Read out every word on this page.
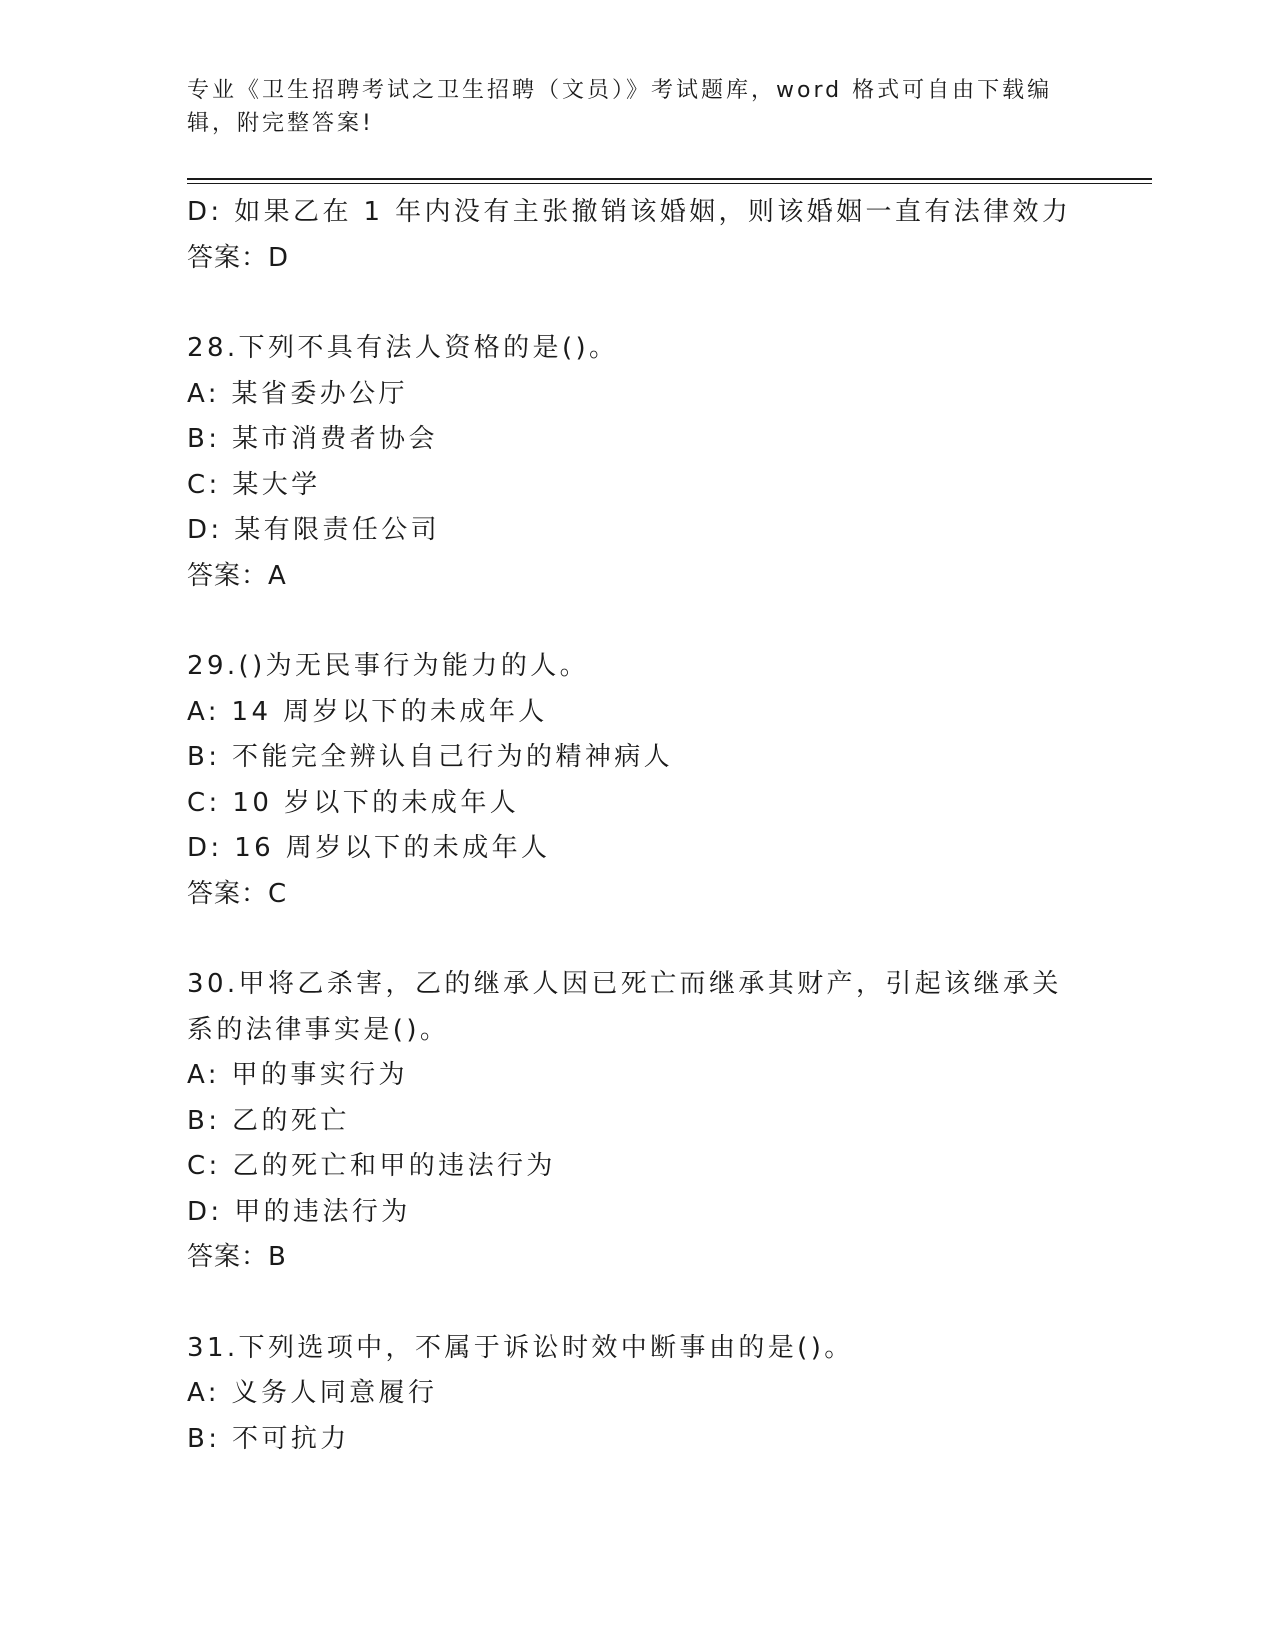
专业《卫生招聘考试之卫生招聘（文员）》考试题库，word 格式可自由下载编辑，附完整答案!

D: 如果乙在 1 年内没有主张撤销该婚姻，则该婚姻一直有法律效力

答案：D

28.下列不具有法人资格的是()。

A: 某省委办公厅

B: 某市消费者协会

C: 某大学

D: 某有限责任公司

答案：A

29.()为无民事行为能力的人。

A: 14 周岁以下的未成年人

B: 不能完全辨认自己行为的精神病人

C: 10 岁以下的未成年人

D: 16 周岁以下的未成年人

答案：C

30.甲将乙杀害，乙的继承人因已死亡而继承其财产，引起该继承关系的法律事实是()。

A: 甲的事实行为

B: 乙的死亡

C: 乙的死亡和甲的违法行为

D: 甲的违法行为

答案：B

31.下列选项中，不属于诉讼时效中断事由的是()。

A: 义务人同意履行

B: 不可抗力
